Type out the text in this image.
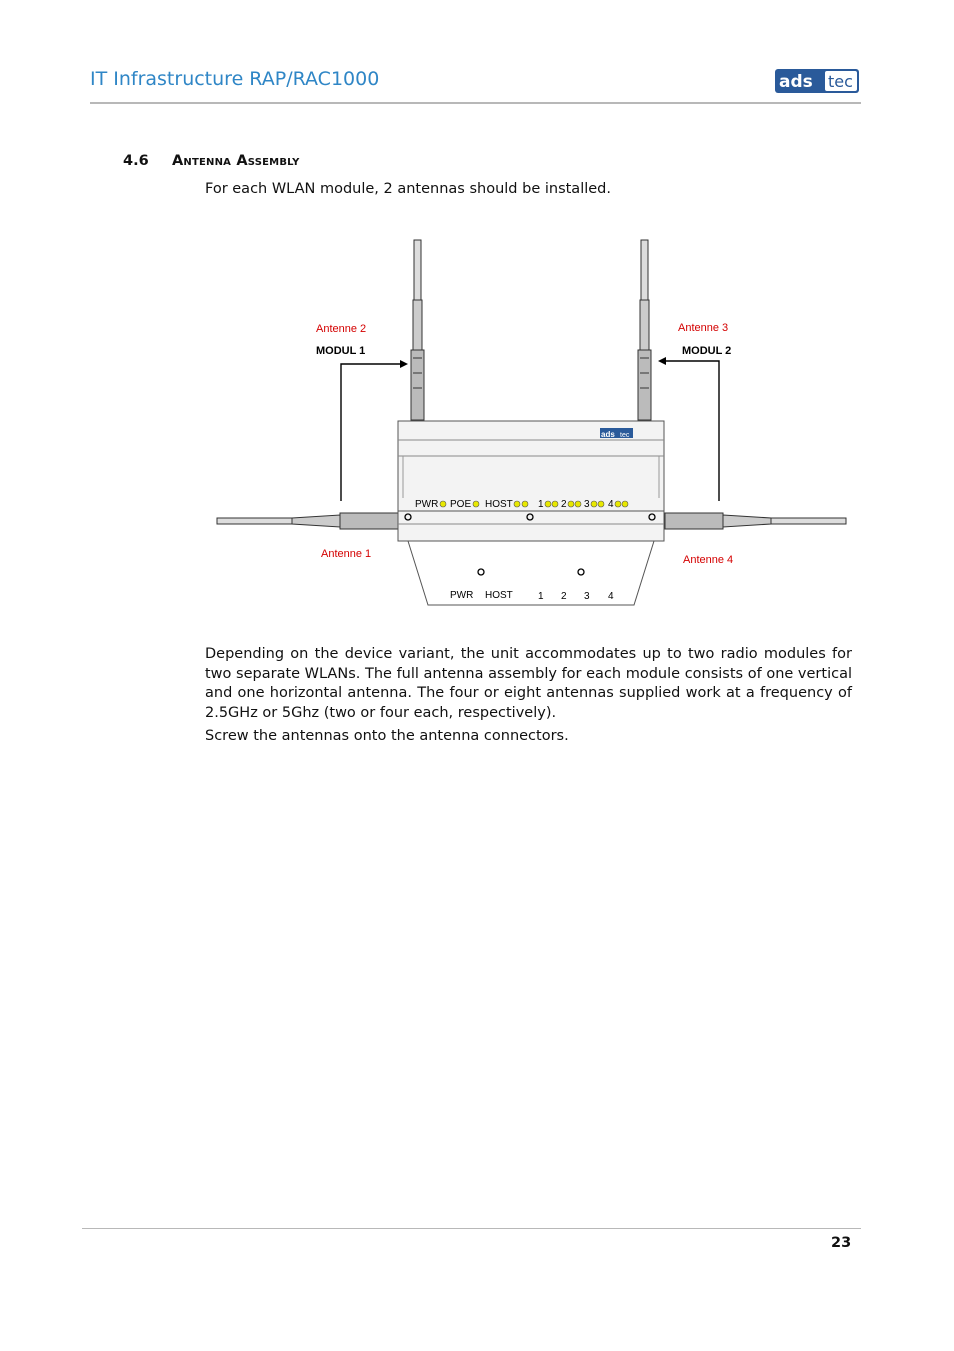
IT Infrastructure RAP/RAC1000	ads tec
4.6 Antenna Assembly
For each WLAN module, 2 antennas should be installed.
ads tec
PWR POE HOST	1 2 3 4
PWR HOST	1 2 3 4
Antenne 2
MODUL 1
Antenne 3
MODUL 2
Antenne 1	Antenne 4
Depending on the device variant, the unit accommodates up to two radio modules for two separate WLANs. The full antenna assembly for each module consists of one vertical and one horizontal antenna. The four or eight antennas supplied work at a frequency of 2.5GHz or 5Ghz (two or four each, respectively).
Screw the antennas onto the antenna connectors.
23
